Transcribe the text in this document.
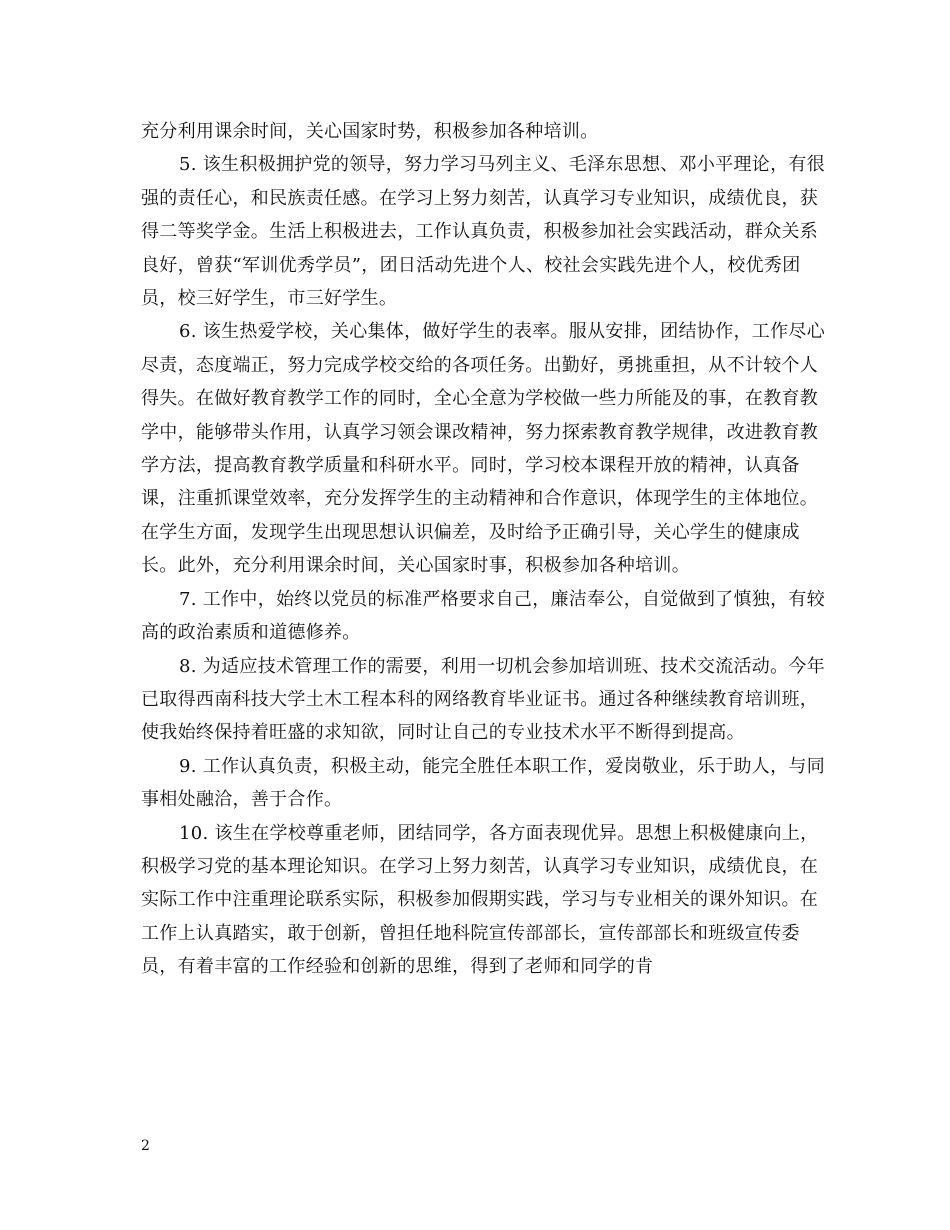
充分利用课余时间，关心国家时势，积极参加各种培训。

5. 该生积极拥护党的领导，努力学习马列主义、毛泽东思想、邓小平理论，有很强的责任心，和民族责任感。在学习上努力刻苦，认真学习专业知识，成绩优良，获得二等奖学金。生活上积极进去，工作认真负责，积极参加社会实践活动，群众关系良好，曾获“军训优秀学员”，团日活动先进个人、校社会实践先进个人，校优秀团员，校三好学生，市三好学生。

6. 该生热爱学校，关心集体，做好学生的表率。服从安排，团结协作，工作尽心尽责，态度端正，努力完成学校交给的各项任务。出勤好，勇挑重担，从不计较个人得失。在做好教育教学工作的同时，全心全意为学校做一些力所能及的事，在教育教学中，能够带头作用，认真学习领会课改精神，努力探索教育教学规律，改进教育教学方法，提高教育教学质量和科研水平。同时，学习校本课程开放的精神，认真备课，注重抓课堂效率，充分发挥学生的主动精神和合作意识，体现学生的主体地位。在学生方面，发现学生出现思想认识偏差，及时给予正确引导，关心学生的健康成长。此外，充分利用课余时间，关心国家时事，积极参加各种培训。

7. 工作中，始终以党员的标准严格要求自己，廉洁奉公，自觉做到了慎独，有较高的政治素质和道德修养。

8. 为适应技术管理工作的需要，利用一切机会参加培训班、技术交流活动。今年已取得西南科技大学土木工程本科的网络教育毕业证书。通过各种继续教育培训班，使我始终保持着旺盛的求知欲，同时让自己的专业技术水平不断得到提高。

9. 工作认真负责，积极主动，能完全胜任本职工作，爱岗敬业，乐于助人，与同事相处融洽，善于合作。

10. 该生在学校尊重老师，团结同学，各方面表现优异。思想上积极健康向上，积极学习党的基本理论知识。在学习上努力刻苦，认真学习专业知识，成绩优良，在实际工作中注重理论联系实际，积极参加假期实践，学习与专业相关的课外知识。在工作上认真踏实，敢于创新，曾担任地科院宣传部部长，宣传部部长和班级宣传委员，有着丰富的工作经验和创新的思维，得到了老师和同学的肯

2
